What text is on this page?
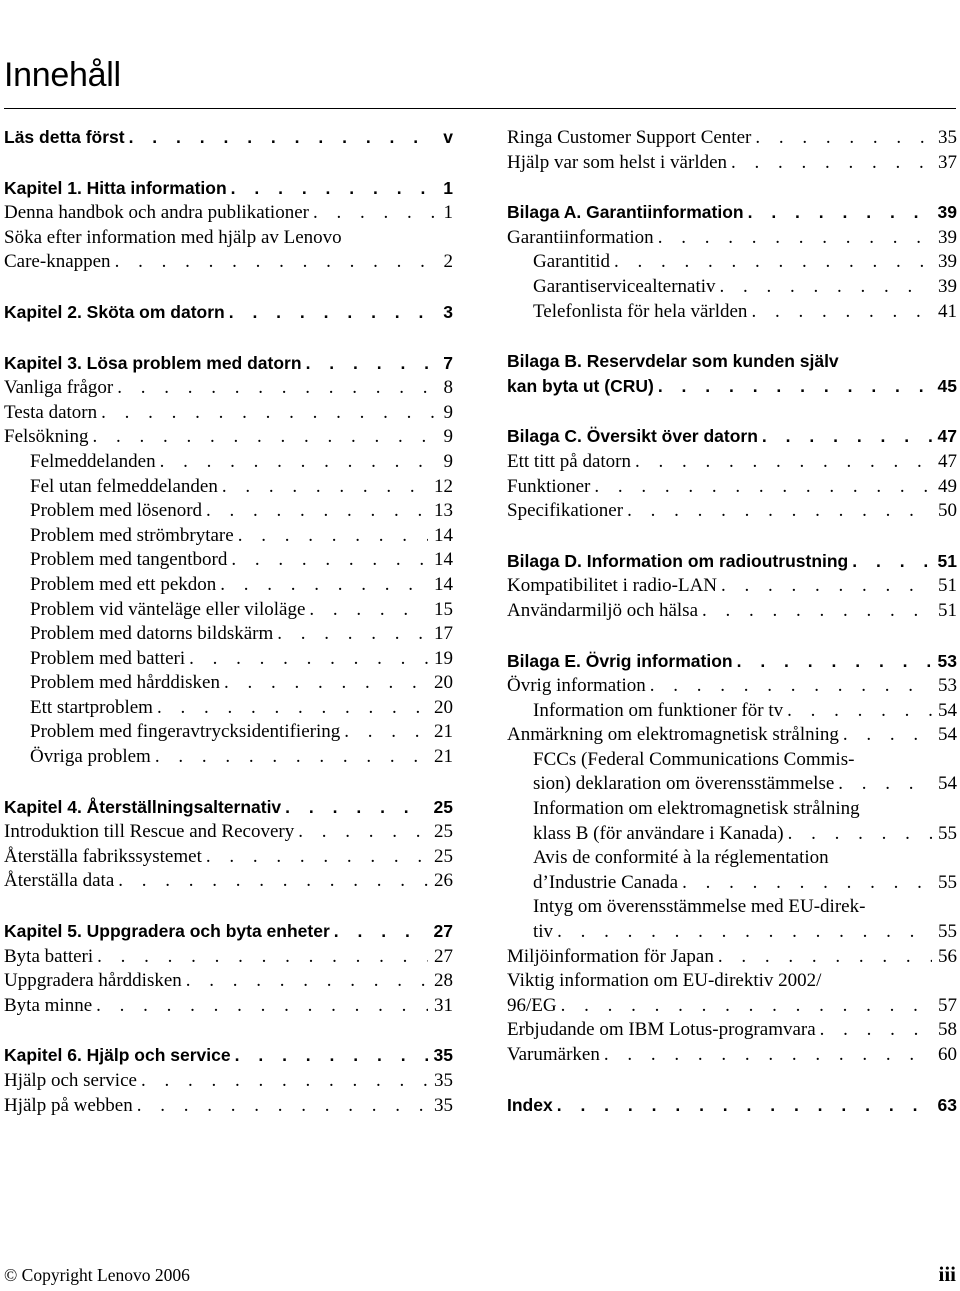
Innehåll
Läs detta först . . .	v
Kapitel 1. Hitta information . . .	1
Denna handbok och andra publikationer . . .	1
Söka efter information med hjälp av Lenovo
Care-knappen . . .	2
Kapitel 2. Sköta om datorn . . .	3
Kapitel 3. Lösa problem med datorn . . .	7
Vanliga frågor . . .	8
Testa datorn . . .	9
Felsökning . . .	9
Felmeddelanden . . .	9
Fel utan felmeddelanden . . .	12
Problem med lösenord . . .	13
Problem med strömbrytare . . .	14
Problem med tangentbord . . .	14
Problem med ett pekdon . . .	14
Problem vid vänteläge eller viloläge . . .	15
Problem med datorns bildskärm . . .	17
Problem med batteri . . .	19
Problem med hårddisken . . .	20
Ett startproblem . . .	20
Problem med fingeravtrycksidentifiering . . .	21
Övriga problem . . .	21
Kapitel 4. Återställningsalternativ . . .	25
Introduktion till Rescue and Recovery . . .	25
Återställa fabrikssystemet . . .	25
Återställa data . . .	26
Kapitel 5. Uppgradera och byta enheter . . .	27
Byta batteri . . .	27
Uppgradera hårddisken . . .	28
Byta minne . . .	31
Kapitel 6. Hjälp och service . . .	35
Hjälp och service . . .	35
Hjälp på webben . . .	35
Ringa Customer Support Center . . .	35
Hjälp var som helst i världen . . .	37
Bilaga A. Garantiinformation . . .	39
Garantiinformation . . .	39
Garantitid . . .	39
Garantiservicealternativ . . .	39
Telefonlista för hela världen . . .	41
Bilaga B. Reservdelar som kunden själv
kan byta ut (CRU) . . .	45
Bilaga C. Översikt över datorn . . .	47
Ett titt på datorn . . .	47
Funktioner . . .	49
Specifikationer . . .	50
Bilaga D. Information om radioutrustning . . .	51
Kompatibilitet i radio-LAN . . .	51
Användarmiljö och hälsa . . .	51
Bilaga E. Övrig information . . .	53
Övrig information . . .	53
Information om funktioner för tv . . .	54
Anmärkning om elektromagnetisk strålning . . .	54
FCCs (Federal Communications Commis-
sion) deklaration om överensstämmelse . . .	54
Information om elektromagnetisk strålning
klass B (för användare i Kanada) . . .	55
Avis de conformité à la réglementation
d’Industrie Canada . . .	55
Intyg om överensstämmelse med EU-direk-
tiv . . .	55
Miljöinformation för Japan . . .	56
Viktig information om EU-direktiv 2002/
96/EG . . .	57
Erbjudande om IBM Lotus-programvara . . .	58
Varumärken . . .	60
Index . . .	63
© Copyright Lenovo 2006	iii
